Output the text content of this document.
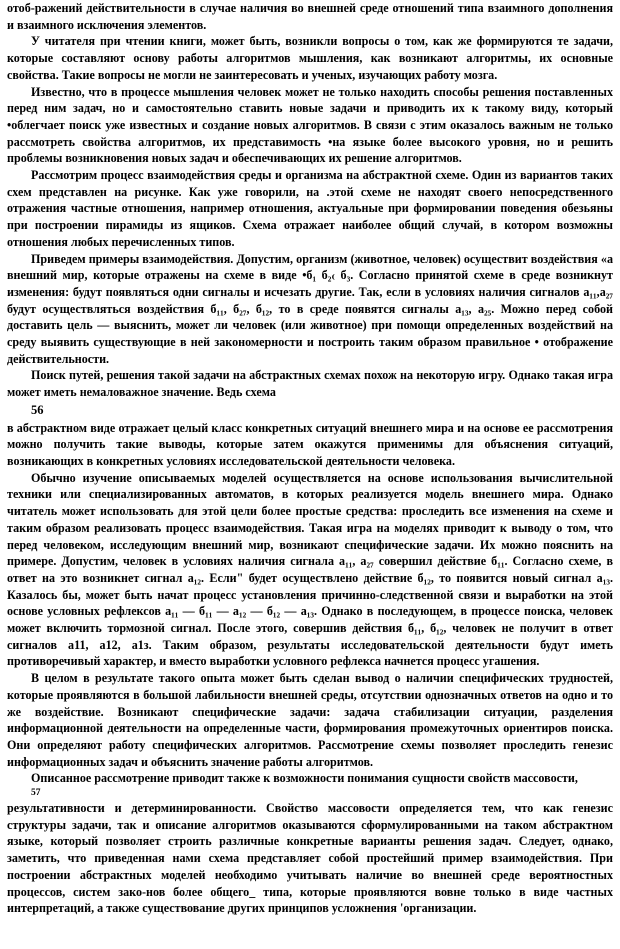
отоб-ражений действительности в случае наличия во внешней среде отношений типа взаимного дополнения и взаимного исключения элементов.

У читателя при чтении книги, может быть, возникли вопросы о том, как же формируются те задачи, которые составляют основу работы алгоритмов мышления, как возникают алгоритмы, их основные свойства. Такие вопросы не могли не заинтересовать и ученых, изучающих работу мозга.

Известно, что в процессе мышления человек может не только находить способы решения поставленных перед ним задач, но и самостоятельно ставить новые задачи и приводить их к такому виду, который •облегчает поиск уже известных и создание новых алгоритмов. В связи с этим оказалось важным не только рассмотреть свойства алгоритмов, их представимость •на языке более высокого уровня, но и решить проблемы возникновения новых задач и обеспечивающих их решение алгоритмов.

Рассмотрим процесс взаимодействия среды и организма на абстрактной схеме. Один из вариантов таких схем представлен на рисунке. Как уже говорили, на .этой схеме не находят своего непосредственного отражения частные отношения, например отношения, актуальные при формировании поведения обезьяны при построении пирамиды из ящиков. Схема отражает наиболее общий случай, в котором возможны отношения любых перечисленных типов.

Приведем примеры взаимодействия. Допустим, организм (животное, человек) осуществит воздействия «а внешний мир, которые отражены на схеме в виде •б₁ б₂₍ б₃. Согласно принятой схеме в среде возникнут изменения: будут появляться одни сигналы и исчезать другие. Так, если в условиях наличия сигналов а₁₁,а₂₇ будут осуществляться воздействия б₁₁, б₂₇, б₁₂, то в среде появятся сигналы а₁₃, а₂₅. Можно перед собой доставить цель — выяснить, может ли человек (или животное) при помощи определенных воздействий на среду выявить существующие в ней закономерности и построить таким образом правильное • отображение действительности.

Поиск путей, решения такой задачи на абстрактных схемах похож на некоторую игру. Однако такая игра может иметь немаловажное значение. Ведь схема

56

в абстрактном виде отражает целый класс конкретных ситуаций внешнего мира и на основе ее рассмотрения можно получить такие выводы, которые затем окажутся применимы для объяснения ситуаций, возникающих в конкретных условиях исследовательской деятельности человека.

Обычно изучение описываемых моделей осуществляется на основе использования вычислительной техники или специализированных автоматов, в которых реализуется модель внешнего мира. Однако читатель может использовать для этой цели более простые средства: проследить все изменения на схеме и таким образом реализовать процесс взаимодействия. Такая игра на моделях приводит к выводу о том, что перед человеком, исследующим внешний мир, возникают специфические задачи. Их можно пояснить на примере. Допустим, человек в условиях наличия сигнала а₁₁, а₂₇ совершил действие б₁₁. Согласно схеме, в ответ на это возникнет сигнал а₁₂. Если" будет осуществлено действие б₁₂, то появится новый сигнал а₁₃. Казалось бы, может быть начат процесс установления причинно-следственной связи и выработки на этой основе условных рефлексов а₁₁ — б₁₁ — а₁₂ — б₁₂ — а₁₃. Однако в последующем, в процессе поиска, человек может включить тормозной сигнал. После этого, совершив действия б₁₁, б₁₂, человек не получит в ответ сигналов а11, а12, а1з. Таким образом, результаты исследовательской деятельности будут иметь противоречивый характер, и вместо выработки условного рефлекса начнется процесс угашения.

В целом в результате такого опыта может быть сделан вывод о наличии специфических трудностей, которые проявляются в большой лабильности внешней среды, отсутствии однозначных ответов на одно и то же воздействие. Возникают специфические задачи: задача стабилизации ситуации, разделения информационной деятельности на определенные части, формирования промежуточных ориентиров поиска. Они определяют работу специфических алгоритмов. Рассмотрение схемы позволяет проследить генезис информационных задач и объяснить значение работы алгоритмов.

Описанное рассмотрение приводит также к возможности понимания сущности свойств массовости,

57

результативности и детерминированности. Свойство массовости определяется тем, что как генезис структуры задачи, так и описание алгоритмов оказываются сформулированными на таком абстрактном языке, который позволяет строить различные конкретные варианты решения задач. Следует, однако, заметить, что приведенная нами схема представляет собой простейший пример взаимодействия. При построении абстрактных моделей необходимо учитывать наличие во внешней среде вероятностных процессов, систем зако-нов более общего_ типа, которые проявляются вовне только в виде частных интерпретаций, а также существование других принципов усложнения 'организации.
